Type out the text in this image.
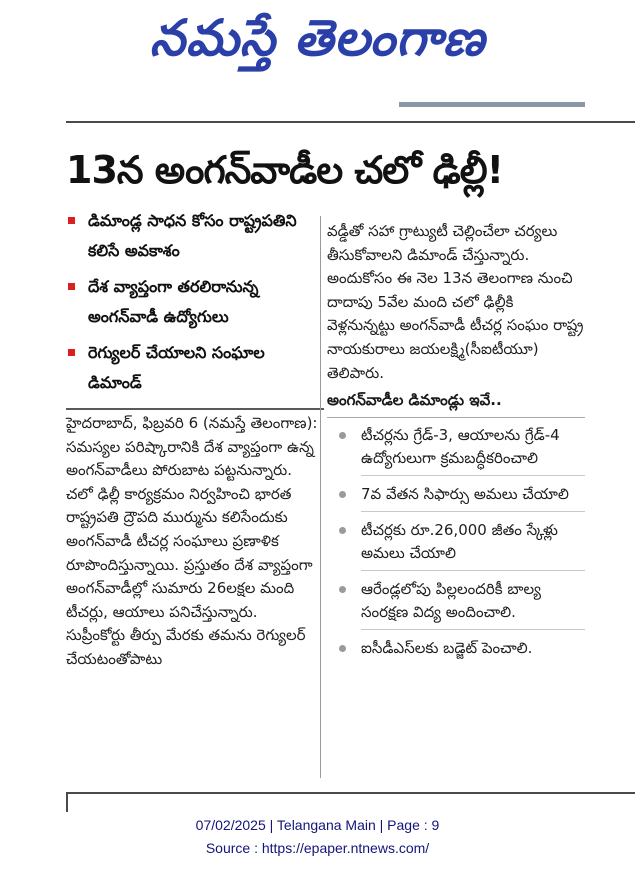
నమస్తే తెలంగాణ
13న అంగన్‌వాడీల చలో ఢిల్లీ!
డిమాండ్ల సాధన కోసం రాష్ట్రపతిని కలిసే అవకాశం
దేశ వ్యాప్తంగా తరలిరానున్న అంగన్‌వాడీ ఉద్యోగులు
రెగ్యులర్ చేయాలని సంఘాల డిమాండ్
హైదరాబాద్, ఫిబ్రవరి 6 (నమస్తే తెలంగాణ): సమస్యల పరిష్కారానికి దేశ వ్యాప్తంగా ఉన్న అంగన్‌వాడీలు పోరుబాట పట్టనున్నారు.
చలో ఢిల్లీ కార్యక్రమం నిర్వహించి భారత రాష్ట్రపతి ద్రౌపది ముర్మును కలిసేందుకు అంగన్‌వాడీ టీచర్ల సంఘాలు ప్రణాళిక రూపొందిస్తున్నాయి. ప్రస్తుతం దేశ వ్యాప్తంగా అంగన్‌వాడీల్లో సుమారు 26లక్షల మంది టీచర్లు, ఆయాలు పనిచేస్తున్నారు. సుప్రీంకోర్టు తీర్పు మేరకు తమను రెగ్యులర్ చేయటంతోపాటు
వడ్డీతో సహా గ్రాట్యుటీ చెల్లించేలా చర్యలు తీసుకోవాలని డిమాండ్ చేస్తున్నారు. అందుకోసం ఈ నెల 13న తెలంగాణ నుంచి దాదాపు 5వేల మంది చలో ఢిల్లీకి వెళ్లనున్నట్టు అంగన్‌వాడీ టీచర్ల సంఘం రాష్ట్ర నాయకురాలు జయలక్ష్మి(సీఐటీయూ) తెలిపారు.
అంగన్‌వాడీల డిమాండ్లు ఇవే..
టీచర్లను గ్రేడ్-3, ఆయాలను గ్రేడ్-4 ఉద్యోగులుగా క్రమబద్ధీకరించాలి
7వ వేతన సిఫార్సు అమలు చేయాలి
టీచర్లకు రూ.26,000 జీతం స్కేళ్లు అమలు చేయాలి
ఆరేండ్లలోపు పిల్లలందరికీ బాల్య సంరక్షణ విద్య అందించాలి.
ఐసీడీఎస్‌లకు బడ్జెట్ పెంచాలి.
07/02/2025 | Telangana Main | Page : 9
Source : https://epaper.ntnews.com/
